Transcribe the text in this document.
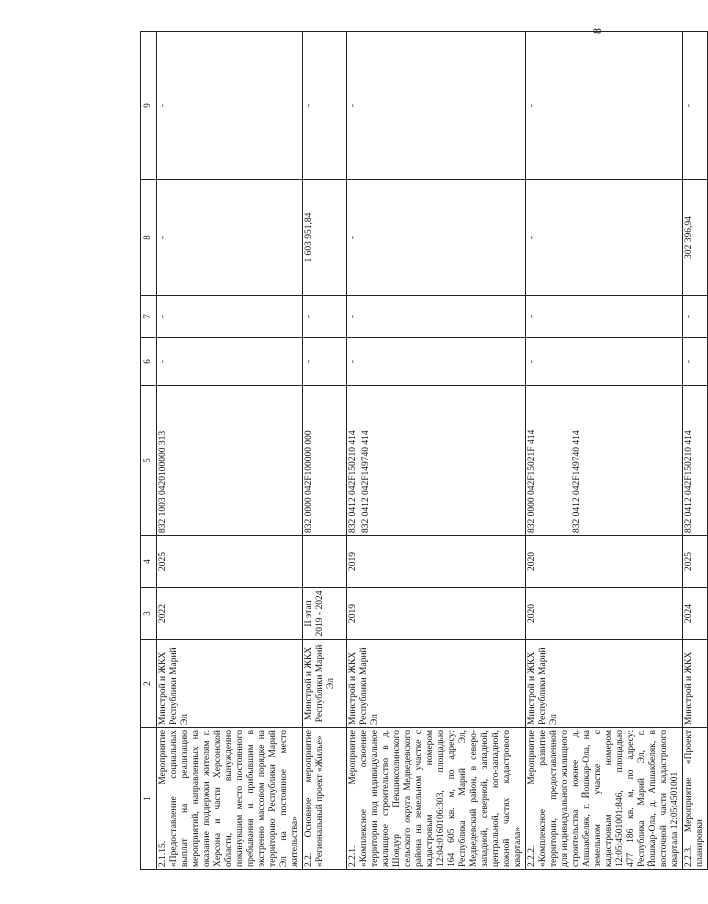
8
1	2	3	4	5	6	7	8	9
2.1.15. Мероприятие «Предоставление социальных выплат на реализацию мероприятий, направленных на оказание поддержки жителям г. Херсона и части Херсонской области, вынужденно покинувшим место постоянного пребывания и прибывшим в экстренно массовом порядке на территорию Республики Марий Эл на постоянное место жительства»	Минстрой и ЖКХ Республики Марий Эл	2022	2025	832 1003 0420100000 313	-	-	-	-
2.2. Основное мероприятие «Региональный проект «Жилье»	Минстрой и ЖКХ Республики Марий Эл	II этап 2019 - 2024		832 0000 042F100000 000	-	-	1 603 951,84	-
2.2.1. Мероприятие «Комплексное освоение территории под индивидуальное жилищное строительство в д. Шоядур Пекшиксолинского сельского округа Медведевского района на земельном участке с кадастровым номером 12:04:0160106:303, площадью 164 605 кв. м, по адресу: Республика Марий Эл, Медведевский район, в северо-западной, северной, западной, центральной, юго-западной, южной частях кадастрового квартала»	Минстрой и ЖКХ Республики Марий Эл	2019	2019	832 0412 042F150210 414 832 0412 042F149740 414	-	-	-	-
2.2.2. Мероприятие «Комплексное развитие территории, предоставленной для индивидуального жилищного строительства южнее д. Апшакбеляк, г. Йошкар-Ола, на земельном участке с кадастровым номером 12:05:4501001:846, площадью 477 186 кв. м, по адресу: Республика Марий Эл, г. Йошкар-Ола, д. Апшакбеляк, в восточной части кадастрового квартала 12:05:4501001	Минстрой и ЖКХ Республики Марий Эл	2020	2020	832 0000 042F15021F 414 832 0412 042F149740 414	-	-	-	-
2.2.3. Мероприятие «Проект планировки	Минстрой и ЖКХ	2024	2025	832 0412 042F150210 414	-	-	302 396,94	-
